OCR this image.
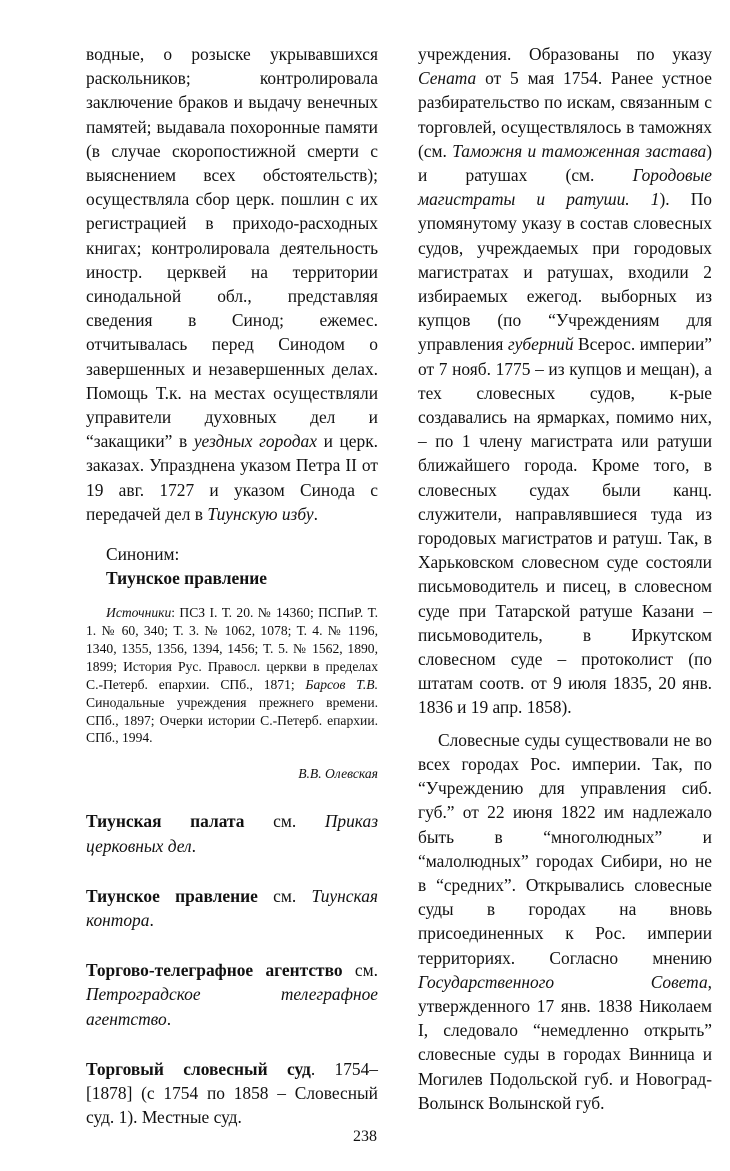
водные, о розыске укрывавшихся раскольников; контролировала заключение браков и выдачу венечных памятей; выдавала похоронные памяти (в случае скоропостижной смерти с выяснением всех обстоятельств); осуществляла сбор церк. пошлин с их регистрацией в приходо-расходных книгах; контролировала деятельность иностр. церквей на территории синодальной обл., представляя сведения в Синод; ежемес. отчитывалась перед Синодом о завершенных и незавершенных делах. Помощь Т.к. на местах осуществляли управители духовных дел и “закащики” в уездных городах и церк. заказах. Упразднена указом Петра II от 19 авг. 1727 и указом Синода с передачей дел в Тиунскую избу.

Синоним:
Тиунское правление

Источники: ПСЗ I. Т. 20. № 14360; ПСПиР. Т. 1. № 60, 340; Т. 3. № 1062, 1078; Т. 4. № 1196, 1340, 1355, 1356, 1394, 1456; Т. 5. № 1562, 1890, 1899; История Рус. Правосл. церкви в пределах С.-Петерб. епархии. СПб., 1871; Барсов Т.В. Синодальные учреждения прежнего времени. СПб., 1897; Очерки истории С.-Петерб. епархии. СПб., 1994.

В.В. Олевская

Тиунская палата см. Приказ церковных дел.

Тиунское правление см. Тиунская контора.

Торгово-телеграфное агентство см. Петроградское телеграфное агентство.

Торговый словесный суд. 1754–[1878] (с 1754 по 1858 – Словесный суд. 1). Местные суд.

учреждения. Образованы по указу Сената от 5 мая 1754. Ранее устное разбирательство по искам, связанным с торговлей, осуществлялось в таможнях (см. Таможня и таможенная застава) и ратушах (см. Городовые магистраты и ратуши. 1). По упомянутому указу в состав словесных судов, учреждаемых при городовых магистратах и ратушах, входили 2 избираемых ежегод. выборных из купцов (по “Учреждениям для управления губерний Всерос. империи” от 7 нояб. 1775 – из купцов и мещан), а тех словесных судов, к-рые создавались на ярмарках, помимо них, – по 1 члену магистрата или ратуши ближайшего города. Кроме того, в словесных судах были канц. служители, направлявшиеся туда из городовых магистратов и ратуш. Так, в Харьковском словесном суде состояли письмоводитель и писец, в словесном суде при Татарской ратуше Казани – письмоводитель, в Иркутском словесном суде – протоколист (по штатам соотв. от 9 июля 1835, 20 янв. 1836 и 19 апр. 1858).

Словесные суды существовали не во всех городах Рос. империи. Так, по “Учреждению для управления сиб. губ.” от 22 июня 1822 им надлежало быть в “многолюдных” и “малолюдных” городах Сибири, но не в “средних”. Открывались словесные суды в городах на вновь присоединенных к Рос. империи территориях. Согласно мнению Государственного Совета, утвержденного 17 янв. 1838 Николаем I, следовало “немедленно открыть” словесные суды в городах Винница и Могилев Подольской губ. и Новоград-Волынск Волынской губ.

238
